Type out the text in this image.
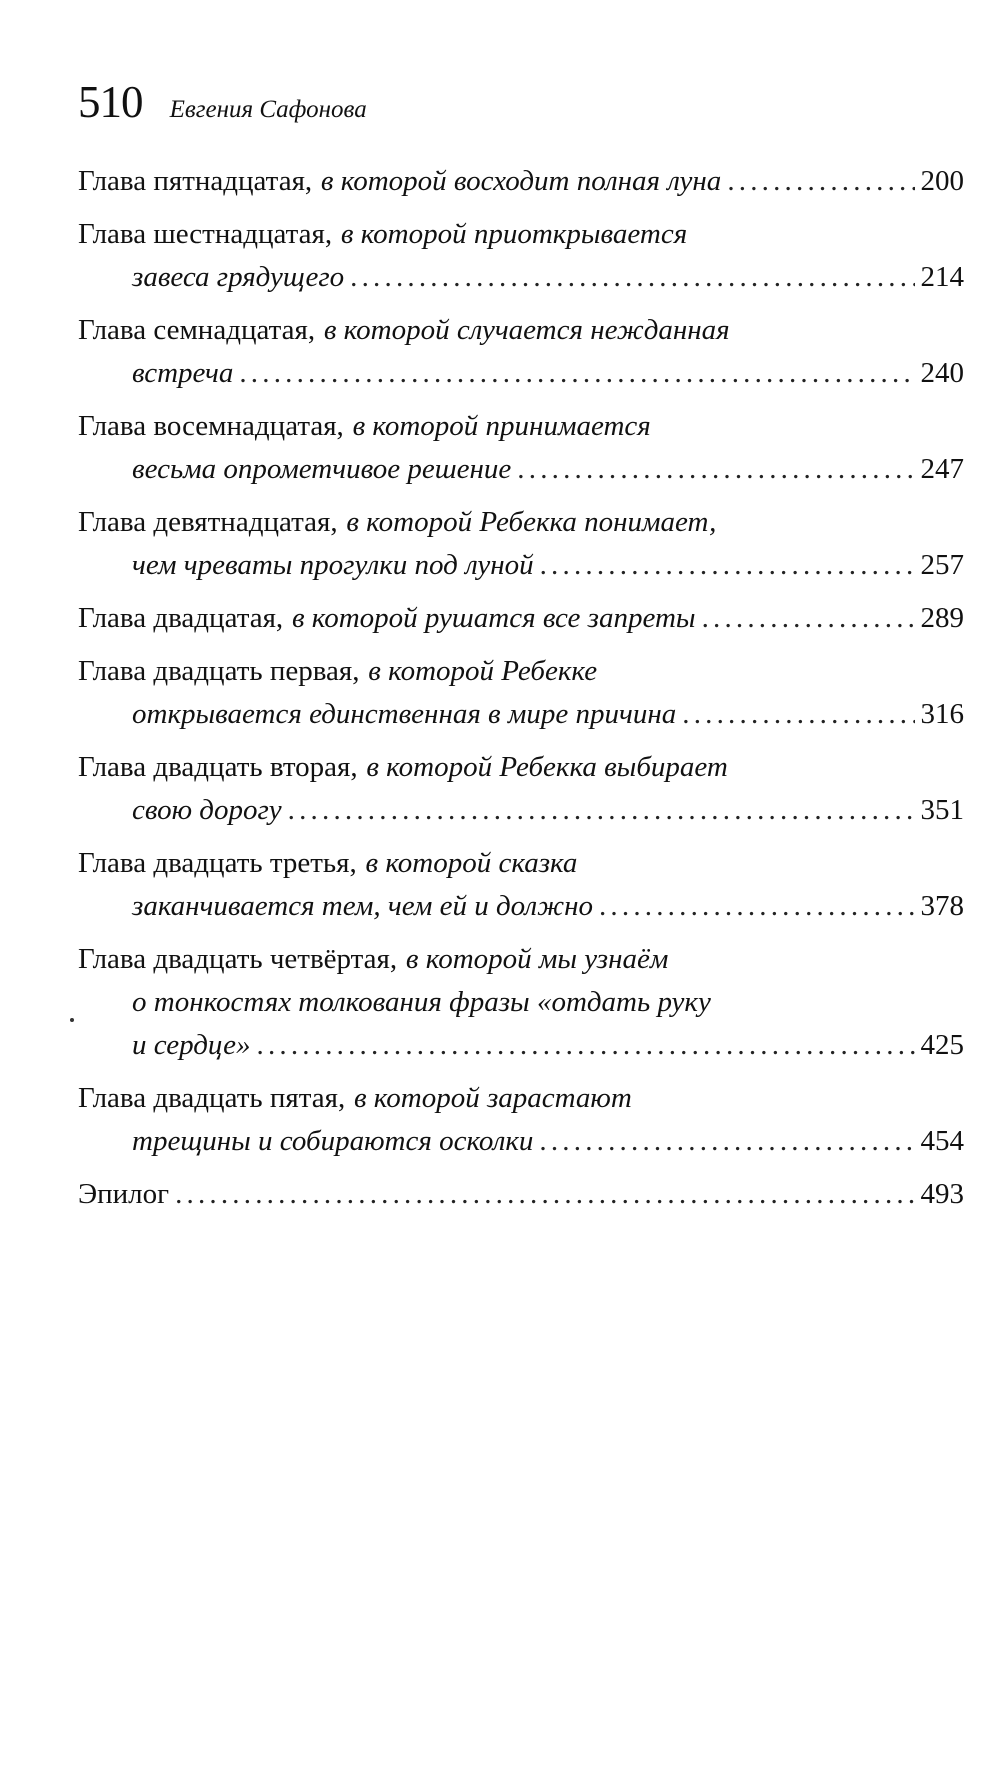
510 Евгения Сафонова
Глава пятнадцатая, в которой восходит полная луна .....	200
Глава шестнадцатая, в которой приоткрывается
завеса грядущего .....	214
Глава семнадцатая, в которой случается нежданная
встреча .....	240
Глава восемнадцатая, в которой принимается
весьма опрометчивое решение .....	247
Глава девятнадцатая, в которой Ребекка понимает,
чем чреваты прогулки под луной .....	257
Глава двадцатая, в которой рушатся все запреты .....	289
Глава двадцать первая, в которой Ребекке
открывается единственная в мире причина .....	316
Глава двадцать вторая, в которой Ребекка выбирает
свою дорогу .....	351
Глава двадцать третья, в которой сказка
заканчивается тем, чем ей и должно .....	378
Глава двадцать четвёртая, в которой мы узнаём
о тонкостях толкования фразы «отдать руку
и сердце» .....	425
Глава двадцать пятая, в которой зарастают
трещины и собираются осколки .....	454
Эпилог .....	493
